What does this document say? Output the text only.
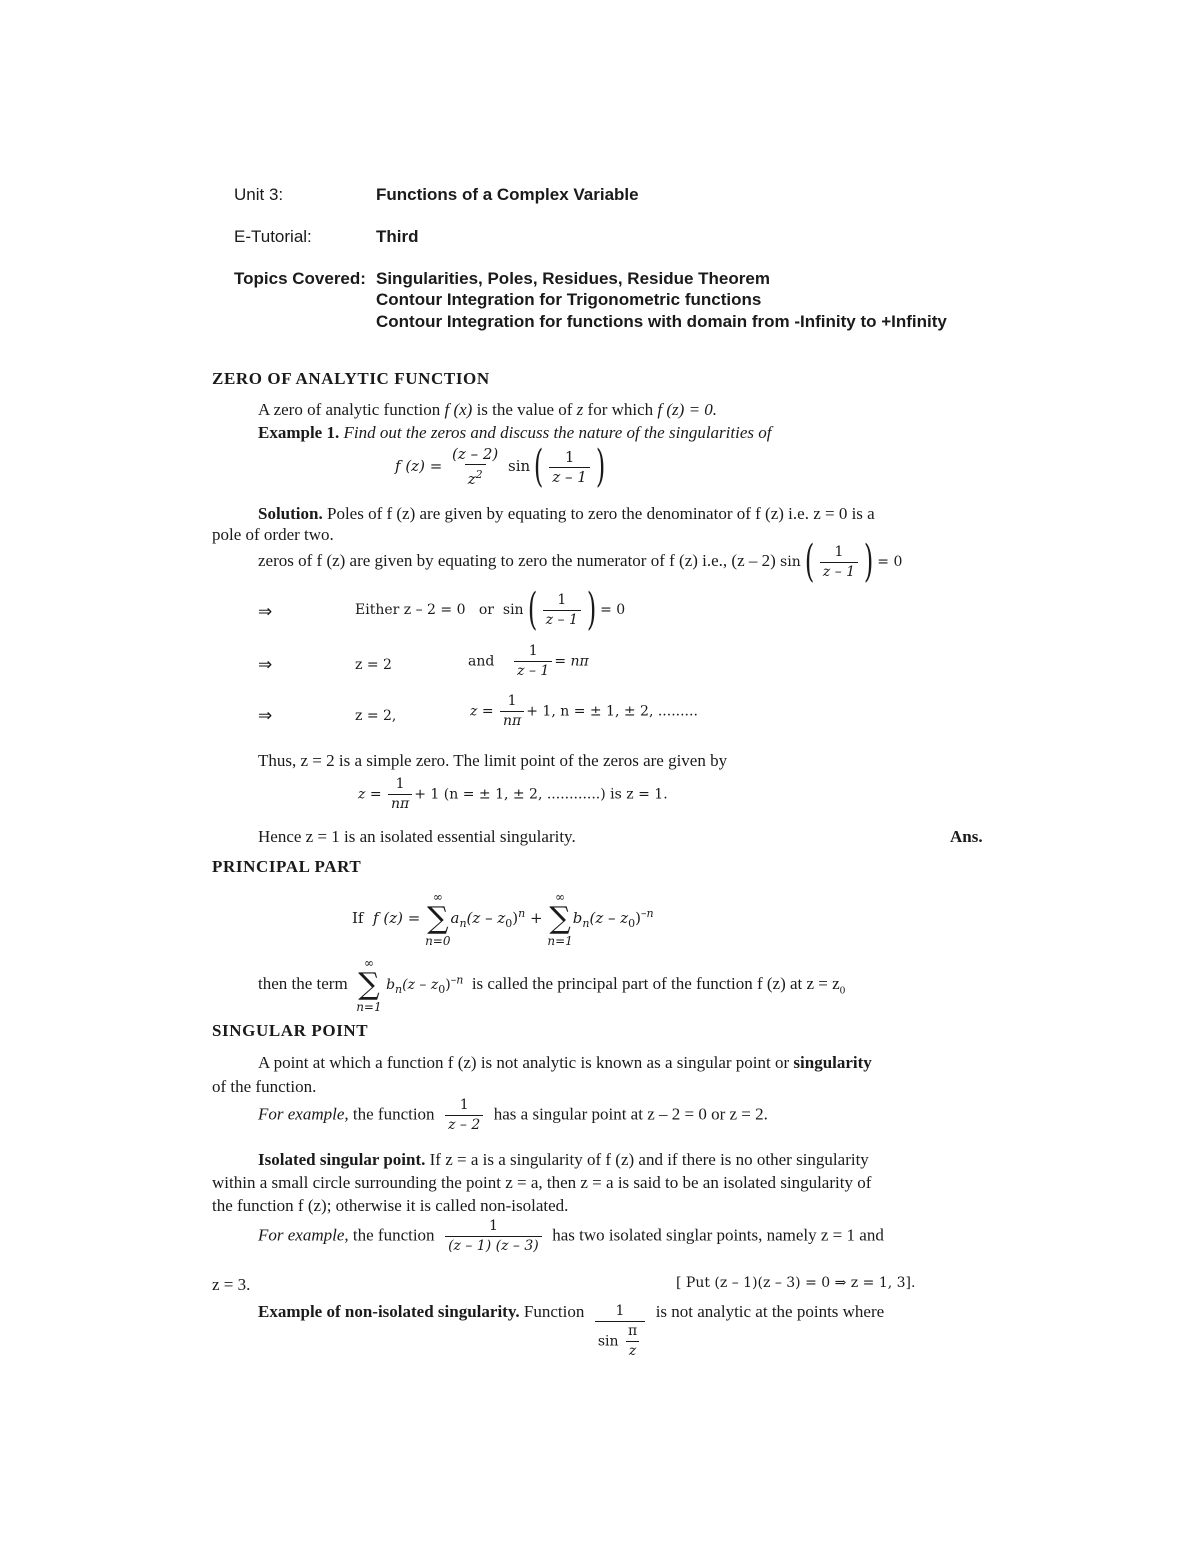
Unit 3:	Functions of a Complex Variable
E-Tutorial:	Third
Topics Covered: Singularities, Poles, Residues, Residue Theorem
Contour Integration for Trigonometric functions
Contour Integration for functions with domain from -Infinity to +Infinity
ZERO OF ANALYTIC FUNCTION
A zero of analytic function f (x) is the value of z for which f (z) = 0.
Example 1. Find out the zeros and discuss the nature of the singularities of
f $(z) = \frac{(z - 2)}{z^2} \sin( \frac{1}{z - 1}$ )
Solution. Poles of f (z) are given by equating to zero the denominator of f (z) i.e. z = 0 is a
pole of order two.
zeros of f (z) are given by equating to zero the numerator of f (z) i.e., (z – 2) $\sin( \frac{1}{z - 1}$ ) = 0
⇒	Either z – 2 = 0 or $\sin( \frac{1}{z - 1}$ ) = 0
⇒	z = 2	and $\frac{1}{z - 1} = n\pi$
⇒	z = 2,	$z = \frac{1}{n\pi} + 1$, n = ± 1, ± 2, .........
Thus, z = 2 is a simple zero. The limit point of the zeros are given by
$z = \frac{1}{n\pi} + 1$ (n = ± 1, ± 2, ............) is z = 1.
Hence z = 1 is an isolated essential singularity.	Ans.
PRINCIPAL PART
If f (z) =
∞
∑
n=0
$a_n(z - z_0)^n$ +
∞
∑
n=1
$b_n(z - z_0)^{-n}$
then the term
∞
∑
n=1
$b_n(z - z_0)^{-n}$ is called the principal part of the function f (z) at $z = z_0$
SINGULAR POINT
A point at which a function f (z) is not analytic is known as a singular point or singularity
of the function.
For example, the function $\frac{1}{z - 2}$ has a singular point at z – 2 = 0 or z = 2.
Isolated singular point. If z = a is a singularity of f (z) and if there is no other singularity
within a small circle surrounding the point z = a, then z = a is said to be an isolated singularity of
the function f (z); otherwise it is called non-isolated.
For example, the function $\frac{1}{(z - 1) (z - 3)}$ has two isolated singlar points, namely z = 1 and
z = 3.	[ Put (z – 1)(z – 3) = 0 ⇒ z = 1, 3].
Example of non-isolated singularity. Function $\frac{1}{\sin \frac{\pi}{z}}$ is not analytic at the points where
